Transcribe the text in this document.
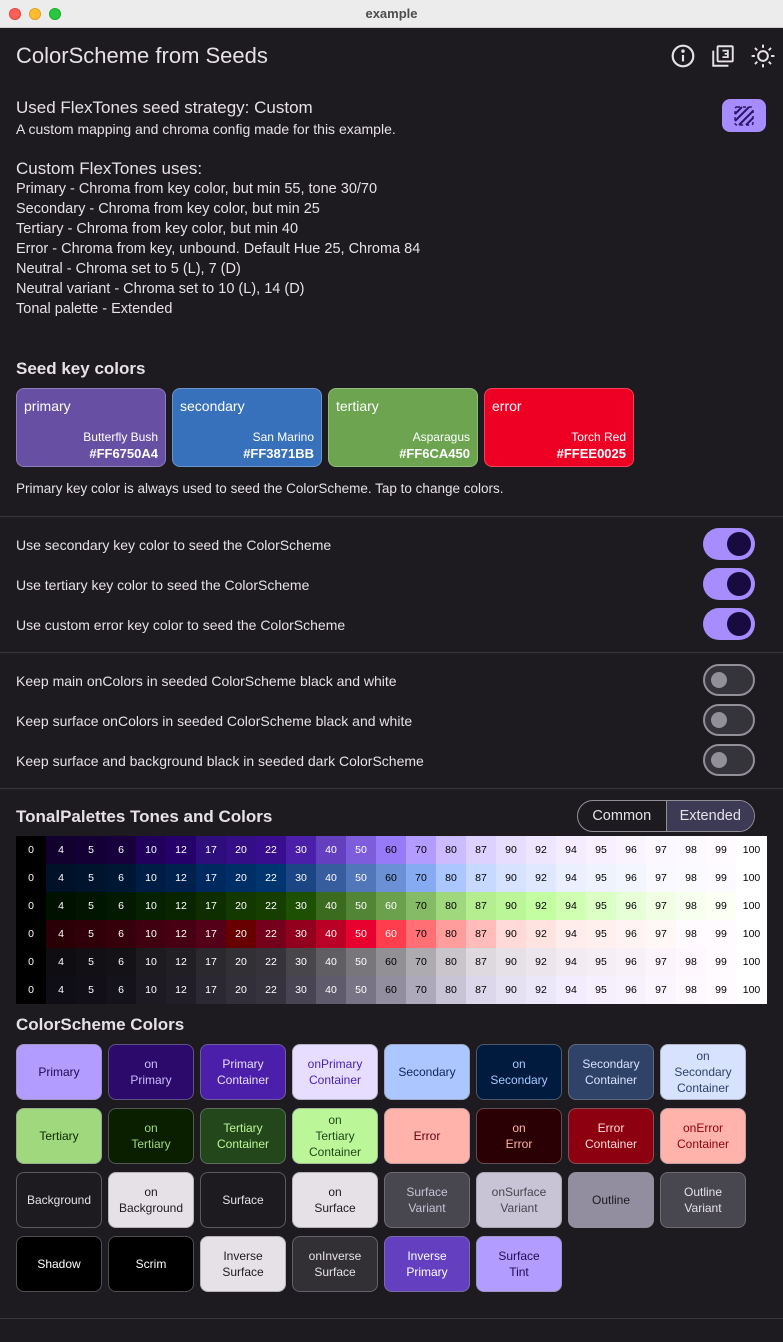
example
ColorScheme from Seeds
Used FlexTones seed strategy: Custom
A custom mapping and chroma config made for this example.
Custom FlexTones uses:
Primary - Chroma from key color, but min 55, tone 30/70
Secondary - Chroma from key color, but min 25
Tertiary - Chroma from key color, but min 40
Error - Chroma from key, unbound. Default Hue 25, Chroma 84
Neutral - Chroma set to 5 (L), 7 (D)
Neutral variant - Chroma set to 10 (L), 14 (D)
Tonal palette - Extended
Seed key colors
primary
Butterfly Bush
#FF6750A4
secondary
San Marino
#FF3871BB
tertiary
Asparagus
#FF6CA450
error
Torch Red
#FFEE0025
Primary key color is always used to seed the ColorScheme. Tap to change colors.
Use secondary key color to seed the ColorScheme
Use tertiary key color to seed the ColorScheme
Use custom error key color to seed the ColorScheme
Keep main onColors in seeded ColorScheme black and white
Keep surface onColors in seeded ColorScheme black and white
Keep surface and background black in seeded dark ColorScheme
TonalPalettes Tones and Colors	Common	Extended
0	4	5	6	10	12	17	20	22	30	40	50	60	70	80	87	90	92	94	95	96	97	98	99	100
0	4	5	6	10	12	17	20	22	30	40	50	60	70	80	87	90	92	94	95	96	97	98	99	100
0	4	5	6	10	12	17	20	22	30	40	50	60	70	80	87	90	92	94	95	96	97	98	99	100
0	4	5	6	10	12	17	20	22	30	40	50	60	70	80	87	90	92	94	95	96	97	98	99	100
0	4	5	6	10	12	17	20	22	30	40	50	60	70	80	87	90	92	94	95	96	97	98	99	100
0	4	5	6	10	12	17	20	22	30	40	50	60	70	80	87	90	92	94	95	96	97	98	99	100
ColorScheme Colors
Primary
on
Primary
Primary
Container
onPrimary
Container
Secondary
on
Secondary
Secondary
Container
on
Secondary
Container
Tertiary
on
Tertiary
Tertiary
Container
on
Tertiary
Container
Error
on
Error
Error
Container
onError
Container
Background
on
Background
Surface
on
Surface
Surface
Variant
onSurface
Variant
Outline
Outline
Variant
Shadow	Scrim
Inverse
Surface
onInverse
Surface
Inverse
Primary
Surface
Tint
